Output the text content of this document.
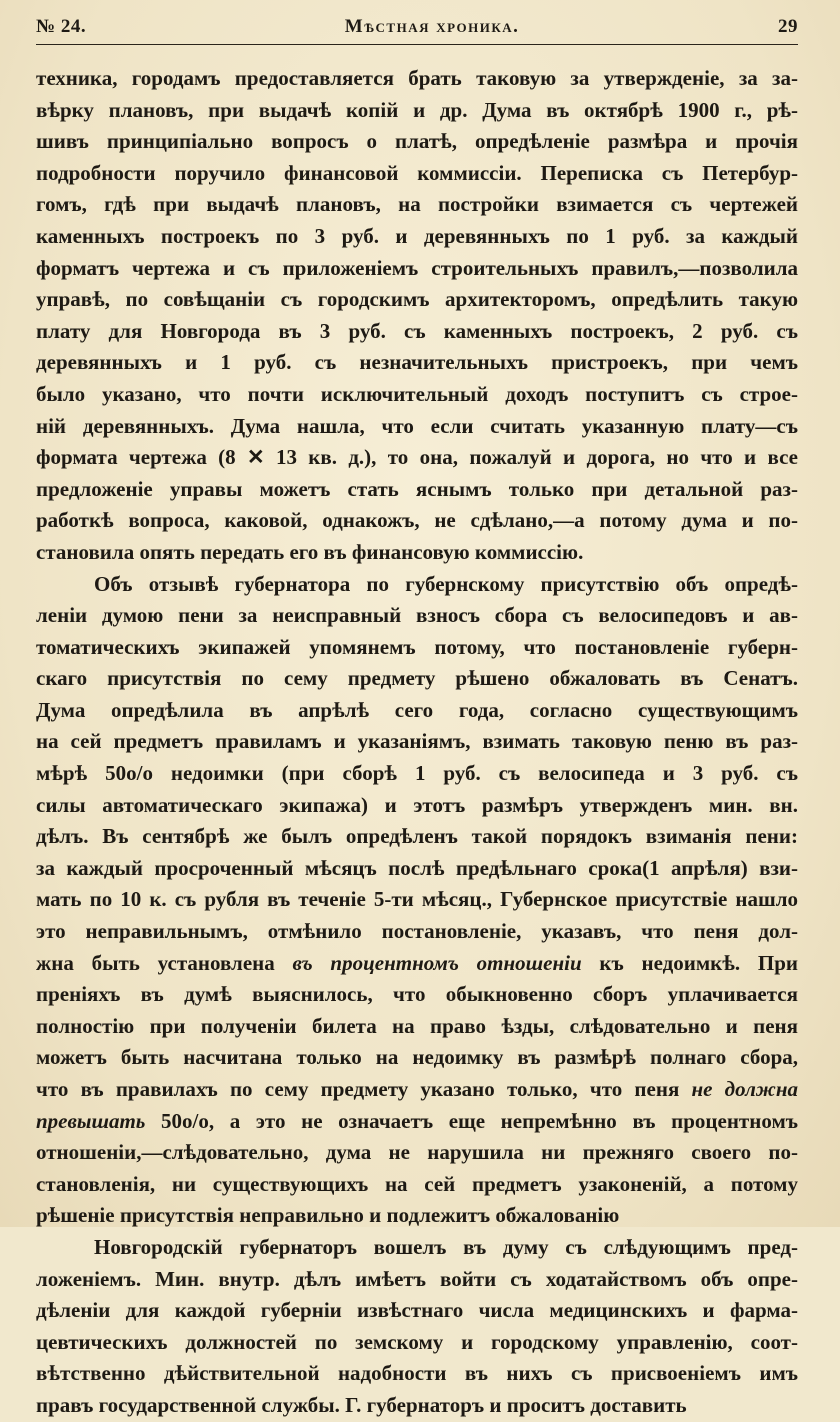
№ 24.	Мѣстная хроника.	29
техника, городамъ предоставляется брать таковую за утвержденіе, за за-
вѣрку плановъ, при выдачѣ копій и др. Дума въ октябрѣ 1900 г., рѣ-
шивъ принципіально вопросъ о платѣ, опредѣленіе размѣра и прочія
подробности поручило финансовой коммиссіи. Переписка съ Петербур-
гомъ, гдѣ при выдачѣ плановъ, на постройки взимается съ чертежей
каменныхъ построекъ по 3 руб. и деревянныхъ по 1 руб. за каждый
форматъ чертежа и съ приложеніемъ строительныхъ правилъ,—позволила
управѣ, по совѣщаніи съ городскимъ архитекторомъ, опредѣлить такую
плату для Новгорода въ 3 руб. съ каменныхъ построекъ, 2 руб. съ
деревянныхъ и 1 руб. съ незначительныхъ пристроекъ, при чемъ
было указано, что почти исключительный доходъ поступитъ съ строе-
ній деревянныхъ. Дума нашла, что если считать указанную плату—съ
формата чертежа (8 ✕ 13 кв. д.), то она, пожалуй и дорога, но что и все
предложеніе управы можетъ стать яснымъ только при детальной раз-
работкѣ вопроса, каковой, однакожъ, не сдѣлано,—а потому дума и по-
становила опять передать его въ финансовую коммиссію.
Объ отзывѣ губернатора по губернскому присутствію объ опредѣ-
леніи думою пени за неисправный взносъ сбора съ велосипедовъ и ав-
томатическихъ экипажей упомянемъ потому, что постановленіе губерн-
скаго присутствія по сему предмету рѣшено обжаловать въ Сенатъ.
Дума опредѣлила въ апрѣлѣ сего года, согласно существующимъ
на сей предметъ правиламъ и указаніямъ, взимать таковую пеню въ раз-
мѣрѣ 50о/о недоимки (при сборѣ 1 руб. съ велосипеда и 3 руб. съ
силы автоматическаго экипажа) и этотъ размѣръ утвержденъ мин. вн.
дѣлъ. Въ сентябрѣ же былъ опредѣленъ такой порядокъ взиманія пени:
за каждый просроченный мѣсяцъ послѣ предѣльнаго срока(1 апрѣля) взи-
мать по 10 к. съ рубля въ теченіе 5-ти мѣсяц., Губернское присутствіе нашло
это неправильнымъ, отмѣнило постановленіе, указавъ, что пеня дол-
жна быть установлена въ процентномъ отношеніи къ недоимкѣ. При
преніяхъ въ думѣ выяснилось, что обыкновенно сборъ уплачивается
полностію при полученіи билета на право ѣзды, слѣдовательно и пеня
можетъ быть насчитана только на недоимку въ размѣрѣ полнаго сбора,
что въ правилахъ по сему предмету указано только, что пеня не должна
превышать 50о/о, а это не означаетъ еще непремѣнно въ процентномъ
отношеніи,—слѣдовательно, дума не нарушила ни прежняго своего по-
становленія, ни существующихъ на сей предметъ узаконеній, а потому
рѣшеніе присутствія неправильно и подлежитъ обжалованію
Новгородскій губернаторъ вошелъ въ думу съ слѣдующимъ пред-
ложеніемъ. Мин. внутр. дѣлъ имѣетъ войти съ ходатайствомъ объ опре-
дѣленіи для каждой губерніи извѣстнаго числа медицинскихъ и фарма-
цевтическихъ должностей по земскому и городскому управленію, соот-
вѣтственно дѣйствительной надобности въ нихъ съ присвоеніемъ имъ
правъ государственной службы. Г. губернаторъ и проситъ доставить
